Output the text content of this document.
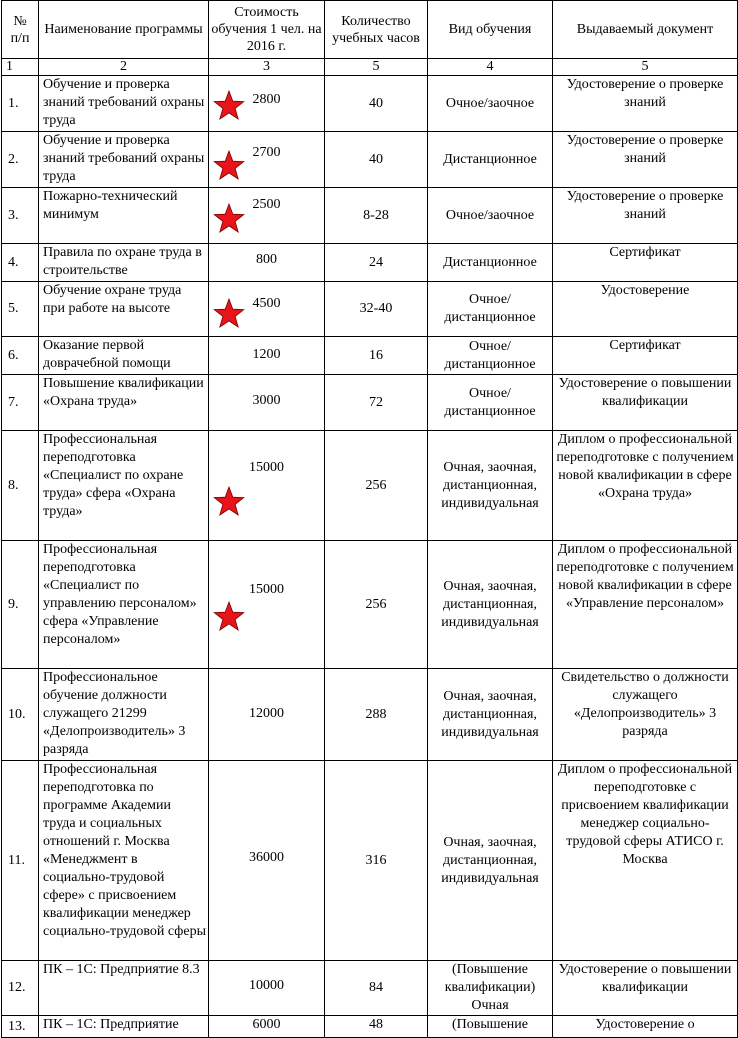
№ п/п	Наименование программы	Стоимость обучения 1 чел. на 2016 г.	Количество учебных часов	Вид обучения	Выдаваемый документ
1	2	3	5	4	5
1.	Обучение и проверка знаний требований охраны труда	2800	40	Очное/заочное	Удостоверение о проверке знаний
2.	Обучение и проверка знаний требований охраны труда	2700	40	Дистанционное	Удостоверение о проверке знаний
3.	Пожарно-технический минимум	2500	8-28	Очное/заочное	Удостоверение о проверке знаний
4.	Правила по охране труда в строительстве	800	24	Дистанционное	Сертификат
5.	Обучение охране труда при работе на высоте	4500	32-40	Очное/дистанционное	Удостоверение
6.	Оказание первой доврачебной помощи	1200	16	Очное/дистанционное	Сертификат
7.	Повышение квалификации «Охрана труда»	3000	72	Очное/дистанционное	Удостоверение о повышении квалификации
8.	Профессиональная переподготовка «Специалист по охране труда» сфера «Охрана труда»	15000	256	Очная, заочная, дистанционная, индивидуальная	Диплом о профессиональной переподготовке с получением новой квалификации в сфере «Охрана труда»
9.	Профессиональная переподготовка «Специалист по управлению персоналом» сфера «Управление персоналом»	15000	256	Очная, заочная, дистанционная, индивидуальная	Диплом о профессиональной переподготовке с получением новой квалификации в сфере «Управление персоналом»
10.	Профессиональное обучение должности служащего 21299 «Делопроизводитель» 3 разряда	12000	288	Очная, заочная, дистанционная, индивидуальная	Свидетельство о должности служащего «Делопроизводитель» 3 разряда
11.	Профессиональная переподготовка по программе Академии труда и социальных отношений г. Москва «Менеджмент в социально-трудовой сфере» с присвоением квалификации менеджер социально-трудовой сферы	36000	316	Очная, заочная, дистанционная, индивидуальная	Диплом о профессиональной переподготовке с присвоением квалификации менеджер социально-трудовой сферы АТИСО г. Москва
12.	ПК – 1С: Предприятие 8.3	10000	84	(Повышение квалификации) Очная	Удостоверение о повышении квалификации
13.	ПК – 1С: Предприятие	6000	48	(Повышение	Удостоверение о
